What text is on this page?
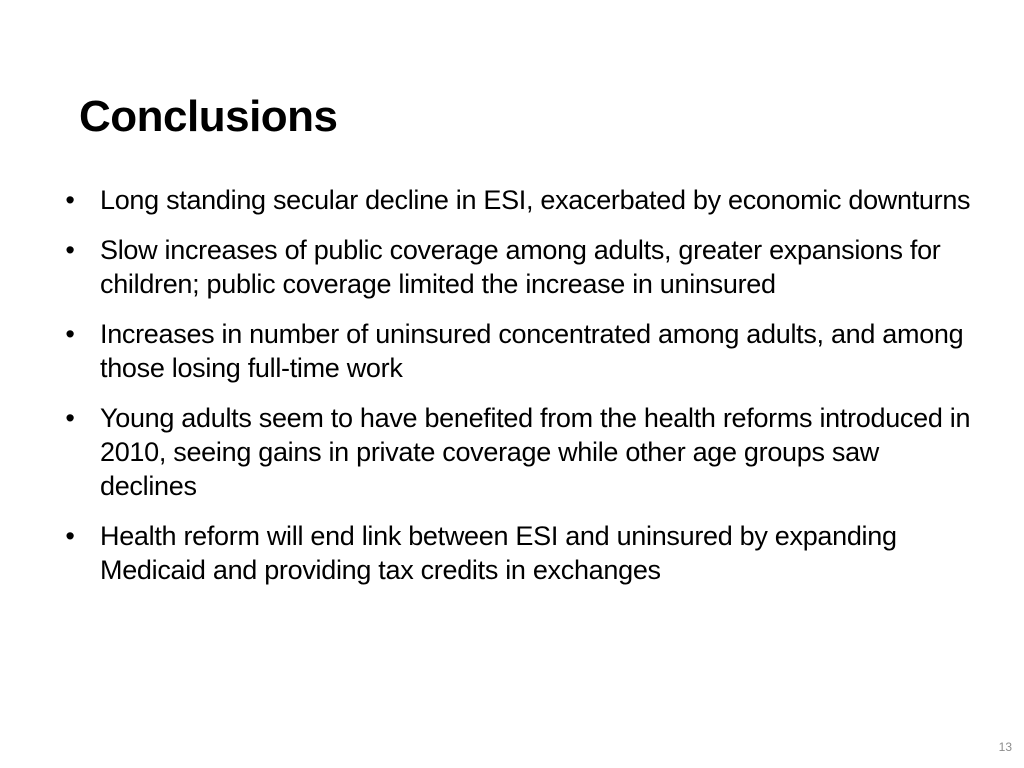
Conclusions
• Long standing secular decline in ESI, exacerbated by economic downturns
• Slow increases of public coverage among adults, greater expansions for children; public coverage limited the increase in uninsured
• Increases in number of uninsured concentrated among adults, and among those losing full-time work
• Young adults seem to have benefited from the health reforms introduced in 2010, seeing gains in private coverage while other age groups saw declines
• Health reform will end link between ESI and uninsured by expanding Medicaid and providing tax credits in exchanges
13
